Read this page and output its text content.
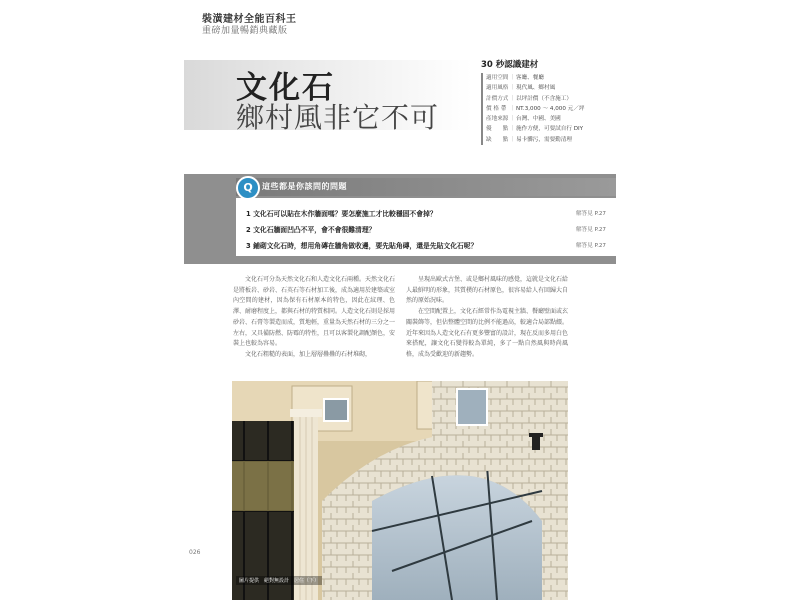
裝潢建材全能百科王
重磅加量暢銷典藏版
文化石
鄉村風非它不可
30 秒認識建材
適用空間 ｜ 客廳、餐廳
適用風格 ｜ 現代風、鄉村風
計價方式 ｜ 以坪計價（不含施工）
價 格 帶 ｜ NT.3,000 ～ 4,000 元／坪
產地來源 ｜ 台灣、中國、美國
優　　點 ｜ 施作方便，可要試自行 DIY
缺　　點 ｜ 易卡髒污，需要勤清理
Q	這些都是你該問的問題
1 文化石可以貼在木作牆面嗎？要怎麼施工才比較穩固不會掉？	解答見 P.27
2 文化石牆面凹凸不平，會不會很難清理？	解答見 P.27
3 鋪砌文化石時，想用角磚在牆角做收邊，要先貼角磚，還是先貼文化石呢？	解答見 P.27

文化石可分為天然文化石和人造文化石兩種。天然文化石是將板岩、砂岩、石英石等石材加工後，成為適用於建築或室內空間的建材，因為保有石材原本的特色，因此在紋理、色澤、耐磨程度上，都與石材的特質相同。人造文化石則是採用砂岩、石膏等製造而成，質地輕，重量為天然石材的三分之一左右，又具備防燃、防霉的特性，且可以客製化調配顏色，安裝上也較為容易。

文化石粗糙的表面，加上層層疊疊的石材堆砌，

呈現出歐式古堡、或是鄉村風味的感覺，這就是文化石給人最鮮明的形象，其質樸的石材原色，很容易給人有回歸大自然的原始況味。

在空間配置上，文化石經常作為電視主牆、餐廳壁面或玄關裝飾等，但佔整體空間的比例不能過高，較適合局部點綴。近年來因為人造文化石有更多豐富的設計，現在反而多用白色來搭配，讓文化石變得較為單純，多了一點自然風與時尚風格，成為受歡迎的新趨勢。

圖片提供　絕對無設計　居住（下）
026
